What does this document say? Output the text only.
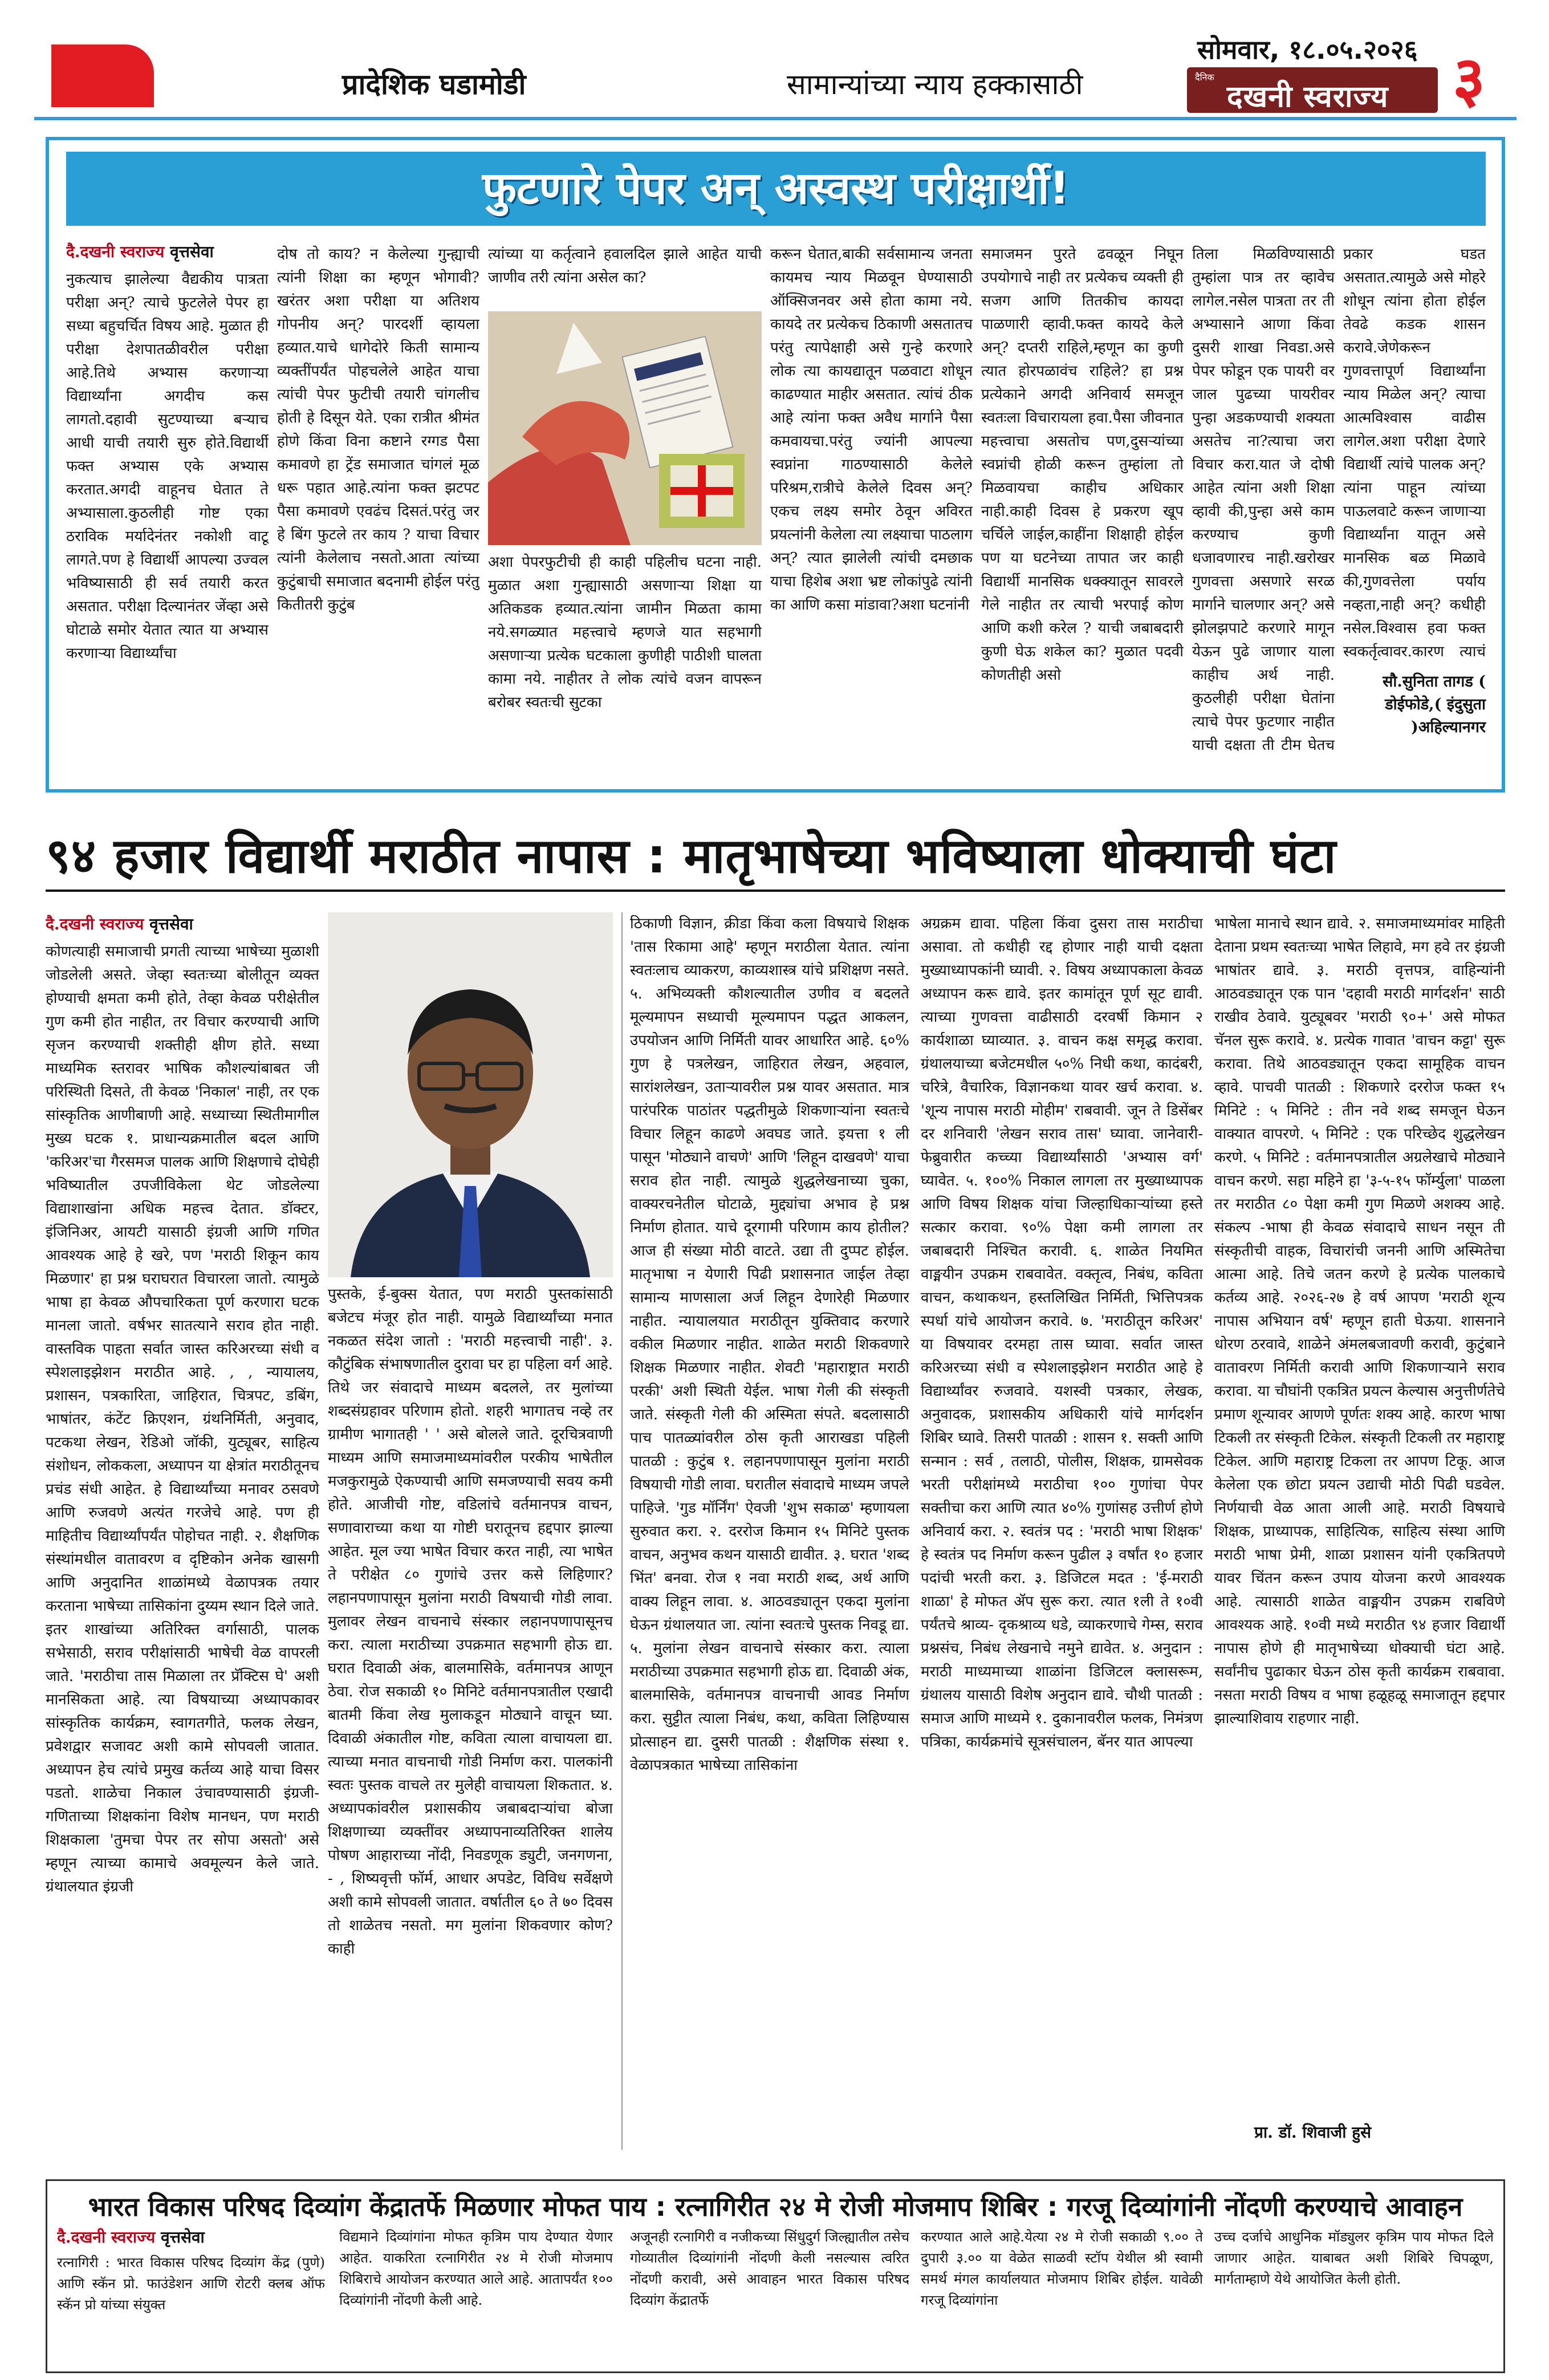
प्रादेशिक घडामोडी	सामान्यांच्या न्याय हक्कासाठी
सोमवार, १८.०५.२०२६
दैनिक
दखनी स्वराज्य ३
फुटणारे पेपर अन् अस्वस्थ परीक्षार्थी!
दै.दखनी स्वराज्य वृत्तसेवा

नुकत्याच झालेल्या वैद्यकीय पात्रता परीक्षा अन्? त्याचे फुटलेले पेपर हा सध्या बहुचर्चित विषय आहे. मुळात ही परीक्षा देशपातळीवरील परीक्षा आहे.तिथे अभ्यास करणाऱ्या विद्यार्थ्यांना अगदीच कस लागतो.दहावी सुटण्याच्या बऱ्याच आधी याची तयारी सुरु होते.विद्यार्थी फक्त अभ्यास एके अभ्यास करतात.अगदी वाहूनच घेतात ते अभ्यासाला.कुठलीही गोष्ट एका ठराविक मर्यादेनंतर नकोशी वाटू लागते.पण हे विद्यार्थी आपल्या उज्वल भविष्यासाठी ही सर्व तयारी करत असतात. परीक्षा दिल्यानंतर जेंव्हा असे घोटाळे समोर येतात त्यात या अभ्यास करणाऱ्या विद्यार्थ्यांचा

दोष तो काय? न केलेल्या गुन्ह्याची त्यांनी शिक्षा का म्हणून भोगावी? खरंतर अशा परीक्षा या अतिशय गोपनीय अन्? पारदर्शी व्हायला हव्यात.याचे धागेदोरे किती सामान्य व्यक्तींपर्यंत पोहचलेले आहेत याचा त्यांची पेपर फुटीची तयारी चांगलीच होती हे दिसून येते. एका रात्रीत श्रीमंत होणे किंवा विना कष्टाने रग्गड पैसा कमावणे हा ट्रेंड समाजात चांगलं मूळ धरू पहात आहे.त्यांना फक्त झटपट पैसा कमावणे एवढंच दिसतं.परंतु जर हे बिंग फुटले तर काय ? याचा विचार त्यांनी केलेलाच नसतो.आता त्यांच्या कुटुंबाची समाजात बदनामी होईल परंतु कितीतरी कुटुंब

त्यांच्या या कर्तृत्वाने हवालदिल झाले आहेत याची जाणीव तरी त्यांना असेल का?

अशा पेपरफुटीची ही काही पहिलीच घटना नाही. मुळात अशा गुन्ह्यासाठी असणाऱ्या शिक्षा या अतिकडक हव्यात.त्यांना जामीन मिळता कामा नये.सगळ्यात महत्त्वाचे म्हणजे यात सहभागी असणाऱ्या प्रत्येक घटकाला कुणीही पाठीशी घालता कामा नये. नाहीतर ते लोक त्यांचे वजन वापरून बरोबर स्वतःची सुटका

करून घेतात,बाकी सर्वसामान्य जनता कायमच न्याय मिळवून घेण्यासाठी ऑक्सिजनवर असे होता कामा नये. कायदे तर प्रत्येकच ठिकाणी असतातच परंतु त्यापेक्षाही असे गुन्हे करणारे लोक त्या कायद्यातून पळवाटा शोधून काढण्यात माहीर असतात. त्यांचं ठीक आहे त्यांना फक्त अवैध मार्गाने पैसा कमवायचा.परंतु ज्यांनी आपल्या स्वप्नांना गाठण्यासाठी केलेले परिश्रम,रात्रीचे केलेले दिवस अन्? एकच लक्ष्य समोर ठेवून अविरत प्रयत्नांनी केलेला त्या लक्ष्याचा पाठलाग अन्? त्यात झालेली त्यांची दमछाक याचा हिशेब अशा भ्रष्ट लोकांपुढे त्यांनी का आणि कसा मांडावा?अशा घटनांनी

समाजमन पुरते ढवळून निघून उपयोगाचे नाही तर प्रत्येकच व्यक्ती ही सजग आणि तितकीच कायदा पाळणारी व्हावी.फक्त कायदे केले अन्? दप्तरी राहिले,म्हणून का कुणी त्यात होरपळावंच राहिले? हा प्रश्न प्रत्येकाने अगदी अनिवार्य समजून स्वतःला विचारायला हवा.पैसा जीवनात महत्त्वाचा असतोच पण,दुसऱ्यांच्या स्वप्नांची होळी करून तुम्हांला तो मिळवायचा काहीच अधिकार नाही.काही दिवस हे प्रकरण खूप चर्चिले जाईल,काहींना शिक्षाही होईल पण या घटनेच्या तापात जर काही विद्यार्थी मानसिक धक्क्यातून सावरले गेले नाहीत तर त्याची भरपाई कोण आणि कशी करेल ? याची जबाबदारी कुणी घेऊ शकेल का? मुळात पदवी कोणतीही असो

तिला मिळविण्यासाठी तुम्हांला पात्र तर व्हावेच लागेल.नसेल पात्रता तर ती अभ्यासाने आणा किंवा दुसरी शाखा निवडा.असे पेपर फोडून एक पायरी वर जाल पुढच्या पायरीवर पुन्हा अडकण्याची शक्यता असतेच ना?त्याचा जरा विचार करा.यात जे दोषी आहेत त्यांना अशी शिक्षा व्हावी की,पुन्हा असे काम करण्याच कुणी धजावणारच नाही.खरोखर गुणवत्ता असणारे सरळ मार्गाने चालणार अन्? असे झोलझपाटे करणारे मागून येऊन पुढे जाणार याला काहीच अर्थ नाही. कुठलीही परीक्षा घेतांना त्याचे पेपर फुटणार नाहीत याची दक्षता ती टीम घेतच

प्रकार घडत असतात.त्यामुळे असे मोहरे शोधून त्यांना होता होईल तेवढे कडक शासन करावे.जेणेकरून गुणवत्तापूर्ण विद्यार्थ्यांना न्याय मिळेल अन्? त्याचा आत्मविश्वास वाढीस लागेल.अशा परीक्षा देणारे विद्यार्थी त्यांचे पालक अन्? त्यांना पाहून त्यांच्या पाऊलवाटे करून जाणाऱ्या विद्यार्थ्यांना यातून असे मानसिक बळ मिळावे की,गुणवत्तेला पर्याय नव्हता,नाही अन्? कधीही नसेल.विश्वास हवा फक्त स्वकर्तृत्वावर.कारण त्याचं

सौ.सुनिता तागड (
डोईफोडे,( इंदुसुता
)अहिल्यानगर
९४ हजार विद्यार्थी मराठीत नापास : मातृभाषेच्या भविष्याला धोक्याची घंटा
दै.दखनी स्वराज्य वृत्तसेवा

कोणत्याही समाजाची प्रगती त्याच्या भाषेच्या मुळाशी जोडलेली असते. जेव्हा स्वतःच्या बोलीतून व्यक्त होण्याची क्षमता कमी होते, तेव्हा केवळ परीक्षेतील गुण कमी होत नाहीत, तर विचार करण्याची आणि सृजन करण्याची शक्तीही क्षीण होते. सध्या माध्यमिक स्तरावर भाषिक कौशल्यांबाबत जी परिस्थिती दिसते, ती केवळ 'निकाल' नाही, तर एक सांस्कृतिक आणीबाणी आहे. सध्याच्या स्थितीमागील मुख्य घटक १. प्राधान्यक्रमातील बदल आणि 'करिअर'चा गैरसमज पालक आणि शिक्षणाचे दोघेही भविष्यातील उपजीविकेला थेट जोडलेल्या विद्याशाखांना अधिक महत्त्व देतात. डॉक्टर, इंजिनिअर, आयटी यासाठी इंग्रजी आणि गणित आवश्यक आहे हे खरे, पण 'मराठी शिकून काय मिळणार' हा प्रश्न घराघरात विचारला जातो. त्यामुळे भाषा हा केवळ औपचारिकता पूर्ण करणारा घटक मानला जातो. वर्षभर सातत्याने सराव होत नाही. वास्तविक पाहता सर्वात जास्त करिअरच्या संधी व स्पेशलाइझेशन मराठीत आहे. , , न्यायालय, प्रशासन, पत्रकारिता, जाहिरात, चित्रपट, डबिंग, भाषांतर, कंटेंट क्रिएशन, ग्रंथनिर्मिती, अनुवाद, पटकथा लेखन, रेडिओ जॉकी, युट्यूबर, साहित्य संशोधन, लोककला, अध्यापन या क्षेत्रांत मराठीतूनच प्रचंड संधी आहेत. हे विद्यार्थ्यांच्या मनावर ठसवणे आणि रुजवणे अत्यंत गरजेचे आहे. पण ही माहितीच विद्यार्थ्यांपर्यंत पोहोचत नाही. २. शैक्षणिक संस्थांमधील वातावरण व दृष्टिकोन अनेक खासगी आणि अनुदानित शाळांमध्ये वेळापत्रक तयार करताना भाषेच्या तासिकांना दुय्यम स्थान दिले जाते. इतर शाखांच्या अतिरिक्त वर्गासाठी, पालक सभेसाठी, सराव परीक्षांसाठी भाषेची वेळ वापरली जाते. 'मराठीचा तास मिळाला तर प्रॅक्टिस घे' अशी मानसिकता आहे. त्या विषयाच्या अध्यापकावर सांस्कृतिक कार्यक्रम, स्वागतगीते, फलक लेखन, प्रवेशद्वार सजावट अशी कामे सोपवली जातात. अध्यापन हेच त्यांचे प्रमुख कर्तव्य आहे याचा विसर पडतो. शाळेचा निकाल उंचावण्यासाठी इंग्रजी-गणिताच्या शिक्षकांना विशेष मानधन, पण मराठी शिक्षकाला 'तुमचा पेपर तर सोपा असतो' असे म्हणून त्याच्या कामाचे अवमूल्यन केले जाते. ग्रंथालयात इंग्रजी

पुस्तके, ई-बुक्स येतात, पण मराठी पुस्तकांसाठी बजेटच मंजूर होत नाही. यामुळे विद्यार्थ्यांच्या मनात नकळत संदेश जातो : 'मराठी महत्त्वाची नाही'. ३. कौटुंबिक संभाषणातील दुरावा घर हा पहिला वर्ग आहे. तिथे जर संवादाचे माध्यम बदलले, तर मुलांच्या शब्दसंग्रहावर परिणाम होतो. शहरी भागातच नव्हे तर ग्रामीण भागातही ' ' असे बोलले जाते. दूरचित्रवाणी माध्यम आणि समाजमाध्यमांवरील परकीय भाषेतील मजकुरामुळे ऐकण्याची आणि समजण्याची सवय कमी होते. आजीची गोष्ट, वडिलांचे वर्तमानपत्र वाचन, सणावाराच्या कथा या गोष्टी घरातूनच हद्दपार झाल्या आहेत. मूल ज्या भाषेत विचार करत नाही, त्या भाषेत ते परीक्षेत ८० गुणांचे उत्तर कसे लिहिणार? लहानपणापासून मुलांना मराठी विषयाची गोडी लावा. मुलावर लेखन वाचनाचे संस्कार लहानपणापासूनच करा. त्याला मराठीच्या उपक्रमात सहभागी होऊ द्या. घरात दिवाळी अंक, बालमासिके, वर्तमानपत्र आणून ठेवा. रोज सकाळी १० मिनिटे वर्तमानपत्रातील एखादी बातमी किंवा लेख मुलाकडून मोठ्याने वाचून घ्या. दिवाळी अंकातील गोष्ट, कविता त्याला वाचायला द्या. त्याच्या मनात वाचनाची गोडी निर्माण करा. पालकांनी स्वतः पुस्तक वाचले तर मुलेही वाचायला शिकतात. ४. अध्यापकांवरील प्रशासकीय जबाबदाऱ्यांचा बोजा शिक्षणाच्या व्यक्तींवर अध्यापनाव्यतिरिक्त शालेय पोषण आहाराच्या नोंदी, निवडणूक ड्युटी, जनगणना, - , शिष्यवृत्ती फॉर्म, आधार अपडेट, विविध सर्वेक्षणे अशी कामे सोपवली जातात. वर्षातील ६० ते ७० दिवस तो शाळेतच नसतो. मग मुलांना शिकवणार कोण? काही

ठिकाणी विज्ञान, क्रीडा किंवा कला विषयाचे शिक्षक 'तास रिकामा आहे' म्हणून मराठीला येतात. त्यांना स्वतःलाच व्याकरण, काव्यशास्त्र यांचे प्रशिक्षण नसते. ५. अभिव्यक्ती कौशल्यातील उणीव व बदलते मूल्यमापन सध्याची मूल्यमापन पद्धत आकलन, उपयोजन आणि निर्मिती यावर आधारित आहे. ६०% गुण हे पत्रलेखन, जाहिरात लेखन, अहवाल, सारांशलेखन, उताऱ्यावरील प्रश्न यावर असतात. मात्र पारंपरिक पाठांतर पद्धतीमुळे शिकणाऱ्यांना स्वतःचे विचार लिहून काढणे अवघड जाते. इयत्ता १ ली पासून 'मोठ्याने वाचणे' आणि 'लिहून दाखवणे' याचा सराव होत नाही. त्यामुळे शुद्धलेखनाच्या चुका, वाक्यरचनेतील घोटाळे, मुद्द्यांचा अभाव हे प्रश्न निर्माण होतात. याचे दूरगामी परिणाम काय होतील? आज ही संख्या मोठी वाटते. उद्या ती दुप्पट होईल. मातृभाषा न येणारी पिढी प्रशासनात जाईल तेव्हा सामान्य माणसाला अर्ज लिहून देणारेही मिळणार नाहीत. न्यायालयात मराठीतून युक्तिवाद करणारे वकील मिळणार नाहीत. शाळेत मराठी शिकवणारे शिक्षक मिळणार नाहीत. शेवटी 'महाराष्ट्रात मराठी परकी' अशी स्थिती येईल. भाषा गेली की संस्कृती जाते. संस्कृती गेली की अस्मिता संपते. बदलासाठी पाच पातळ्यांवरील ठोस कृती आराखडा पहिली पातळी : कुटुंब १. लहानपणापासून मुलांना मराठी विषयाची गोडी लावा. घरातील संवादाचे माध्यम जपले पाहिजे. 'गुड मॉर्निंग' ऐवजी 'शुभ सकाळ' म्हणायला सुरुवात करा. २. दररोज किमान १५ मिनिटे पुस्तक वाचन, अनुभव कथन यासाठी द्यावीत. ३. घरात 'शब्द भिंत' बनवा. रोज १ नवा मराठी शब्द, अर्थ आणि वाक्य लिहून लावा. ४. आठवड्यातून एकदा मुलांना घेऊन ग्रंथालयात जा. त्यांना स्वतःचे पुस्तक निवडू द्या. ५. मुलांना लेखन वाचनाचे संस्कार करा. त्याला मराठीच्या उपक्रमात सहभागी होऊ द्या. दिवाळी अंक, बालमासिके, वर्तमानपत्र वाचनाची आवड निर्माण करा. सुट्टीत त्याला निबंध, कथा, कविता लिहिण्यास प्रोत्साहन द्या. दुसरी पातळी : शैक्षणिक संस्था १. वेळापत्रकात भाषेच्या तासिकांना

अग्रक्रम द्यावा. पहिला किंवा दुसरा तास मराठीचा असावा. तो कधीही रद्द होणार नाही याची दक्षता मुख्याध्यापकांनी घ्यावी. २. विषय अध्यापकाला केवळ अध्यापन करू द्यावे. इतर कामांतून पूर्ण सूट द्यावी. त्याच्या गुणवत्ता वाढीसाठी दरवर्षी किमान २ कार्यशाळा घ्याव्यात. ३. वाचन कक्ष समृद्ध करावा. ग्रंथालयाच्या बजेटमधील ५०% निधी कथा, कादंबरी, चरित्रे, वैचारिक, विज्ञानकथा यावर खर्च करावा. ४. 'शून्य नापास मराठी मोहीम' राबवावी. जून ते डिसेंबर दर शनिवारी 'लेखन सराव तास' घ्यावा. जानेवारी-फेब्रुवारीत कच्च्या विद्यार्थ्यांसाठी 'अभ्यास वर्ग' घ्यावेत. ५. १००% निकाल लागला तर मुख्याध्यापक आणि विषय शिक्षक यांचा जिल्हाधिकाऱ्यांच्या हस्ते सत्कार करावा. ९०% पेक्षा कमी लागला तर जबाबदारी निश्चित करावी. ६. शाळेत नियमित वाङ्मयीन उपक्रम राबवावेत. वक्तृत्व, निबंध, कविता वाचन, कथाकथन, हस्तलिखित निर्मिती, भित्तिपत्रक स्पर्धा यांचे आयोजन करावे. ७. 'मराठीतून करिअर' या विषयावर दरमहा तास घ्यावा. सर्वात जास्त करिअरच्या संधी व स्पेशलाइझेशन मराठीत आहे हे विद्यार्थ्यांवर रुजवावे. यशस्वी पत्रकार, लेखक, अनुवादक, प्रशासकीय अधिकारी यांचे मार्गदर्शन शिबिर घ्यावे. तिसरी पातळी : शासन १. सक्ती आणि सन्मान : सर्व , तलाठी, पोलीस, शिक्षक, ग्रामसेवक भरती परीक्षांमध्ये मराठीचा १०० गुणांचा पेपर सक्तीचा करा आणि त्यात ४०% गुणांसह उत्तीर्ण होणे अनिवार्य करा. २. स्वतंत्र पद : 'मराठी भाषा शिक्षक' हे स्वतंत्र पद निर्माण करून पुढील ३ वर्षांत १० हजार पदांची भरती करा. ३. डिजिटल मदत : 'ई-मराठी शाळा' हे मोफत ॲप सुरू करा. त्यात १ली ते १०वी पर्यंतचे श्राव्य- दृकश्राव्य धडे, व्याकरणाचे गेम्स, सराव प्रश्नसंच, निबंध लेखनाचे नमुने द्यावेत. ४. अनुदान : मराठी माध्यमाच्या शाळांना डिजिटल क्लासरूम, ग्रंथालय यासाठी विशेष अनुदान द्यावे. चौथी पातळी : समाज आणि माध्यमे १. दुकानावरील फलक, निमंत्रण पत्रिका, कार्यक्रमांचे सूत्रसंचालन, बॅनर यात आपल्या

भाषेला मानाचे स्थान द्यावे. २. समाजमाध्यमांवर माहिती देताना प्रथम स्वतःच्या भाषेत लिहावे, मग हवे तर इंग्रजी भाषांतर द्यावे. ३. मराठी वृत्तपत्र, वाहिन्यांनी आठवड्यातून एक पान 'दहावी मराठी मार्गदर्शन' साठी राखीव ठेवावे. युट्यूबवर 'मराठी ९०+' असे मोफत चॅनल सुरू करावे. ४. प्रत्येक गावात 'वाचन कट्टा' सुरू करावा. तिथे आठवड्यातून एकदा सामूहिक वाचन व्हावे. पाचवी पातळी : शिकणारे दररोज फक्त १५ मिनिटे : ५ मिनिटे : तीन नवे शब्द समजून घेऊन वाक्यात वापरणे. ५ मिनिटे : एक परिच्छेद शुद्धलेखन करणे. ५ मिनिटे : वर्तमानपत्रातील अग्रलेखाचे मोठ्याने वाचन करणे. सहा महिने हा '३-५-१५ फॉर्म्युला' पाळला तर मराठीत ८० पेक्षा कमी गुण मिळणे अशक्य आहे. संकल्प -भाषा ही केवळ संवादाचे साधन नसून ती संस्कृतीची वाहक, विचारांची जननी आणि अस्मितेचा आत्मा आहे. तिचे जतन करणे हे प्रत्येक पालकाचे कर्तव्य आहे. २०२६-२७ हे वर्ष आपण 'मराठी शून्य नापास अभियान वर्ष' म्हणून हाती घेऊया. शासनाने धोरण ठरवावे, शाळेने अंमलबजावणी करावी, कुटुंबाने वातावरण निर्मिती करावी आणि शिकणाऱ्याने सराव करावा. या चौघांनी एकत्रित प्रयत्न केल्यास अनुत्तीर्णतेचे प्रमाण शून्यावर आणणे पूर्णतः शक्य आहे. कारण भाषा टिकली तर संस्कृती टिकेल. संस्कृती टिकली तर महाराष्ट्र टिकेल. आणि महाराष्ट्र टिकला तर आपण टिकू. आज केलेला एक छोटा प्रयत्न उद्याची मोठी पिढी घडवेल. निर्णयाची वेळ आता आली आहे. मराठी विषयाचे शिक्षक, प्राध्यापक, साहित्यिक, साहित्य संस्था आणि मराठी भाषा प्रेमी, शाळा प्रशासन यांनी एकत्रितपणे यावर चिंतन करून उपाय योजना करणे आवश्यक आहे. त्यासाठी शाळेत वाङ्मयीन उपक्रम राबविणे आवश्यक आहे. १०वी मध्ये मराठीत ९४ हजार विद्यार्थी नापास होणे ही मातृभाषेच्या धोक्याची घंटा आहे. सर्वांनीच पुढाकार घेऊन ठोस कृती कार्यक्रम राबवावा. नसता मराठी विषय व भाषा हळूहळू समाजातून हद्दपार झाल्याशिवाय राहणार नाही.

प्रा. डॉ. शिवाजी हुसे
भारत विकास परिषद दिव्यांग केंद्रातर्फे मिळणार मोफत पाय : रत्नागिरीत २४ मे रोजी मोजमाप शिबिर : गरजू दिव्यांगांनी नोंदणी करण्याचे आवाहन
दै.दखनी स्वराज्य वृत्तसेवा

रत्नागिरी : भारत विकास परिषद दिव्यांग केंद्र (पुणे) आणि स्कॅन प्रो. फाउंडेशन आणि रोटरी क्लब ऑफ स्कॅन प्रो यांच्या संयुक्त

विद्यमाने दिव्यांगांना मोफत कृत्रिम पाय देण्यात येणार आहेत. याकरिता रत्नागिरीत २४ मे रोजी मोजमाप शिबिराचे आयोजन करण्यात आले आहे. आतापर्यंत १०० दिव्यांगांनी नोंदणी केली आहे.

अजूनही रत्नागिरी व नजीकच्या सिंधुदुर्ग जिल्ह्यातील तसेच गोव्यातील दिव्यांगांनी नोंदणी केली नसल्यास त्वरित नोंदणी करावी, असे आवाहन भारत विकास परिषद दिव्यांग केंद्रातर्फे

करण्यात आले आहे.येत्या २४ मे रोजी सकाळी ९.०० ते दुपारी ३.०० या वेळेत साळवी स्टॉप येथील श्री स्वामी समर्थ मंगल कार्यालयात मोजमाप शिबिर होईल. यावेळी गरजू दिव्यांगांना

उच्च दर्जाचे आधुनिक मॉड्युलर कृत्रिम पाय मोफत दिले जाणार आहेत. याबाबत अशी शिबिरे चिपळूण, मार्गताम्हाणे येथे आयोजित केली होती.
